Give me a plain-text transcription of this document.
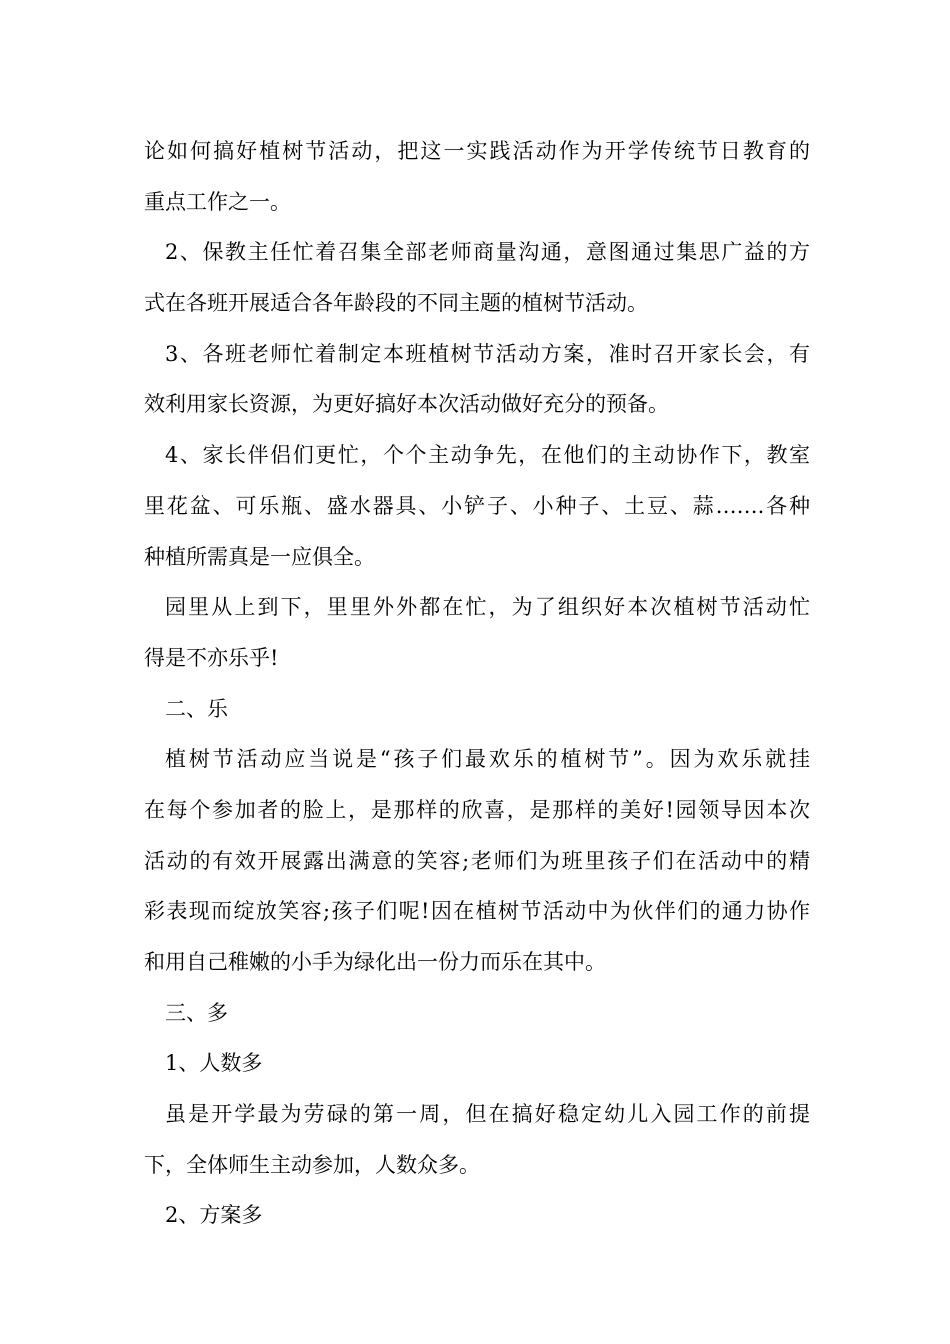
论如何搞好植树节活动，把这一实践活动作为开学传统节日教育的
重点工作之一。
2、保教主任忙着召集全部老师商量沟通，意图通过集思广益的方
式在各班开展适合各年龄段的不同主题的植树节活动。
3、各班老师忙着制定本班植树节活动方案，准时召开家长会，有
效利用家长资源，为更好搞好本次活动做好充分的预备。
4、家长伴侣们更忙，个个主动争先，在他们的主动协作下，教室
里花盆、可乐瓶、盛水器具、小铲子、小种子、土豆、蒜…….各种
种植所需真是一应俱全。
园里从上到下，里里外外都在忙，为了组织好本次植树节活动忙
得是不亦乐乎!
二、乐
植树节活动应当说是“孩子们最欢乐的植树节”。因为欢乐就挂
在每个参加者的脸上，是那样的欣喜，是那样的美好!园领导因本次
活动的有效开展露出满意的笑容;老师们为班里孩子们在活动中的精
彩表现而绽放笑容;孩子们呢!因在植树节活动中为伙伴们的通力协作
和用自己稚嫩的小手为绿化出一份力而乐在其中。
三、多
1、人数多
虽是开学最为劳碌的第一周，但在搞好稳定幼儿入园工作的前提
下，全体师生主动参加，人数众多。
2、方案多
